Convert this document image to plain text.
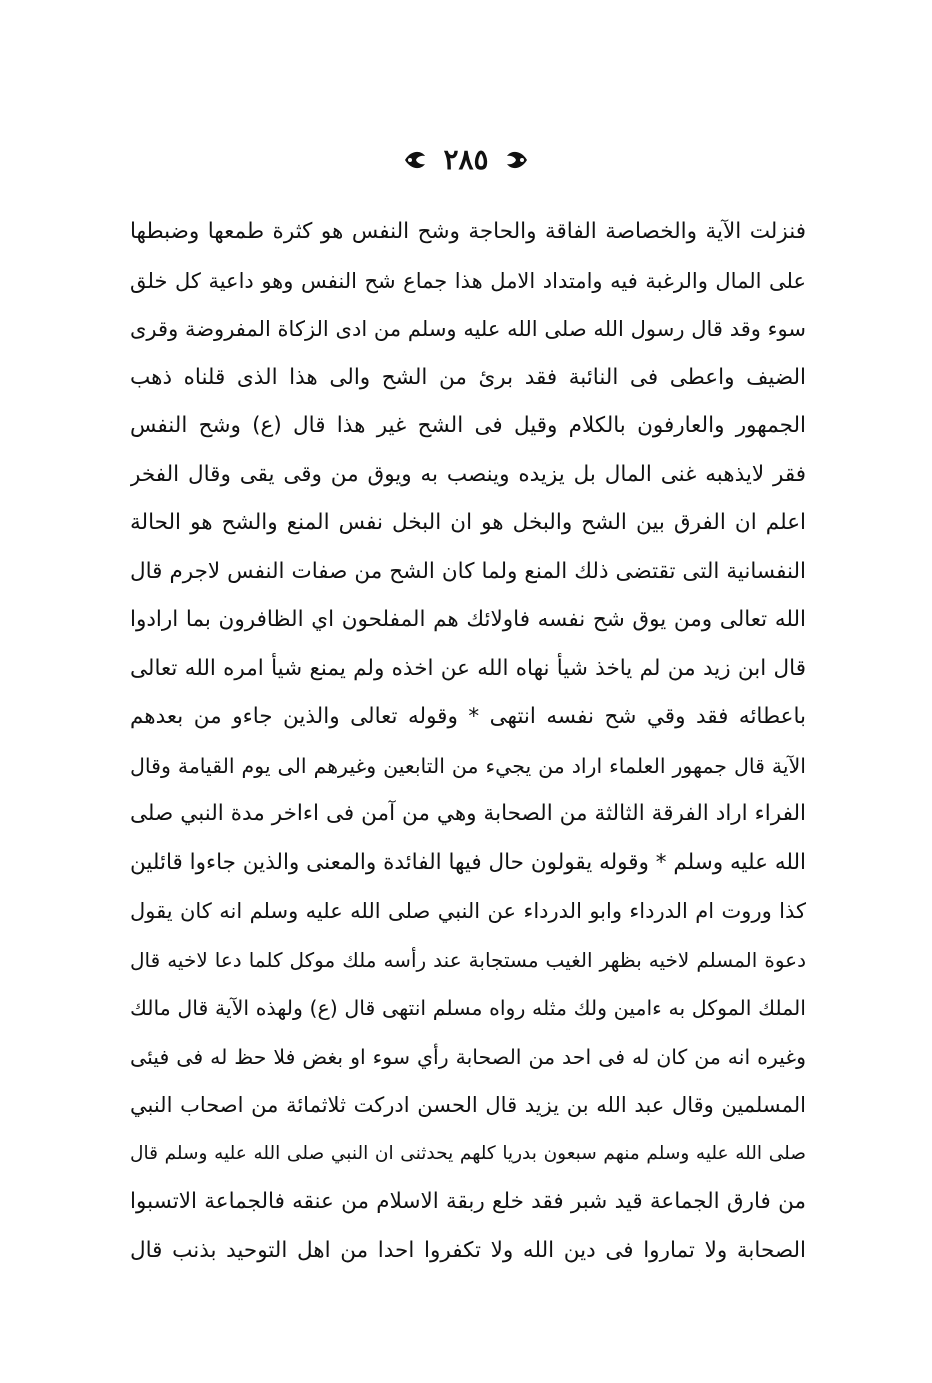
٢٨٥
فنزلت الآية والخصاصة الفاقة والحاجة وشح النفس هو كثرة طمعها وضبطها
على المال والرغبة فيه وامتداد الامل هذا جماع شح النفس وهو داعية كل خلق
سوء وقد قال رسول الله صلى الله عليه وسلم من ادى الزكاة المفروضة وقرى
الضيف واعطى فى النائبة فقد برئ من الشح والى هذا الذى قلناه ذهب
الجمهور والعارفون بالكلام وقيل فى الشح غير هذا قال (ع) وشح النفس
فقر لايذهبه غنى المال بل يزيده وينصب به ويوق من وقى يقى وقال الفخر
اعلم ان الفرق بين الشح والبخل هو ان البخل نفس المنع والشح هو الحالة
النفسانية التى تقتضى ذلك المنع ولما كان الشح من صفات النفس لاجرم قال
الله تعالى ومن يوق شح نفسه فاولائك هم المفلحون اي الظافرون بما ارادوا
قال ابن زيد من لم ياخذ شيأ نهاه الله عن اخذه ولم يمنع شيأ امره الله تعالى
باعطائه فقد وقي شح نفسه انتهى * وقوله تعالى والذين جاءو من بعدهم
الآية قال جمهور العلماء اراد من يجيء من التابعين وغيرهم الى يوم القيامة وقال
الفراء اراد الفرقة الثالثة من الصحابة وهي من آمن فى اءاخر مدة النبي صلى
الله عليه وسلم * وقوله يقولون حال فيها الفائدة والمعنى والذين جاءوا قائلين
كذا وروت ام الدرداء وابو الدرداء عن النبي صلى الله عليه وسلم انه كان يقول
دعوة المسلم لاخيه بظهر الغيب مستجابة عند رأسه ملك موكل كلما دعا لاخيه قال
الملك الموكل به ءامين ولك مثله رواه مسلم انتهى قال (ع) ولهذه الآية قال مالك
وغيره انه من كان له فى احد من الصحابة رأي سوء او بغض فلا حظ له فى فيئى
المسلمين وقال عبد الله بن يزيد قال الحسن ادركت ثلاثمائة من اصحاب النبي
صلى الله عليه وسلم منهم سبعون بدريا كلهم يحدثنى ان النبي صلى الله عليه وسلم قال
من فارق الجماعة قيد شبر فقد خلع ربقة الاسلام من عنقه فالجماعة الاتسبوا
الصحابة ولا تماروا فى دين الله ولا تكفروا احدا من اهل التوحيد بذنب قال
